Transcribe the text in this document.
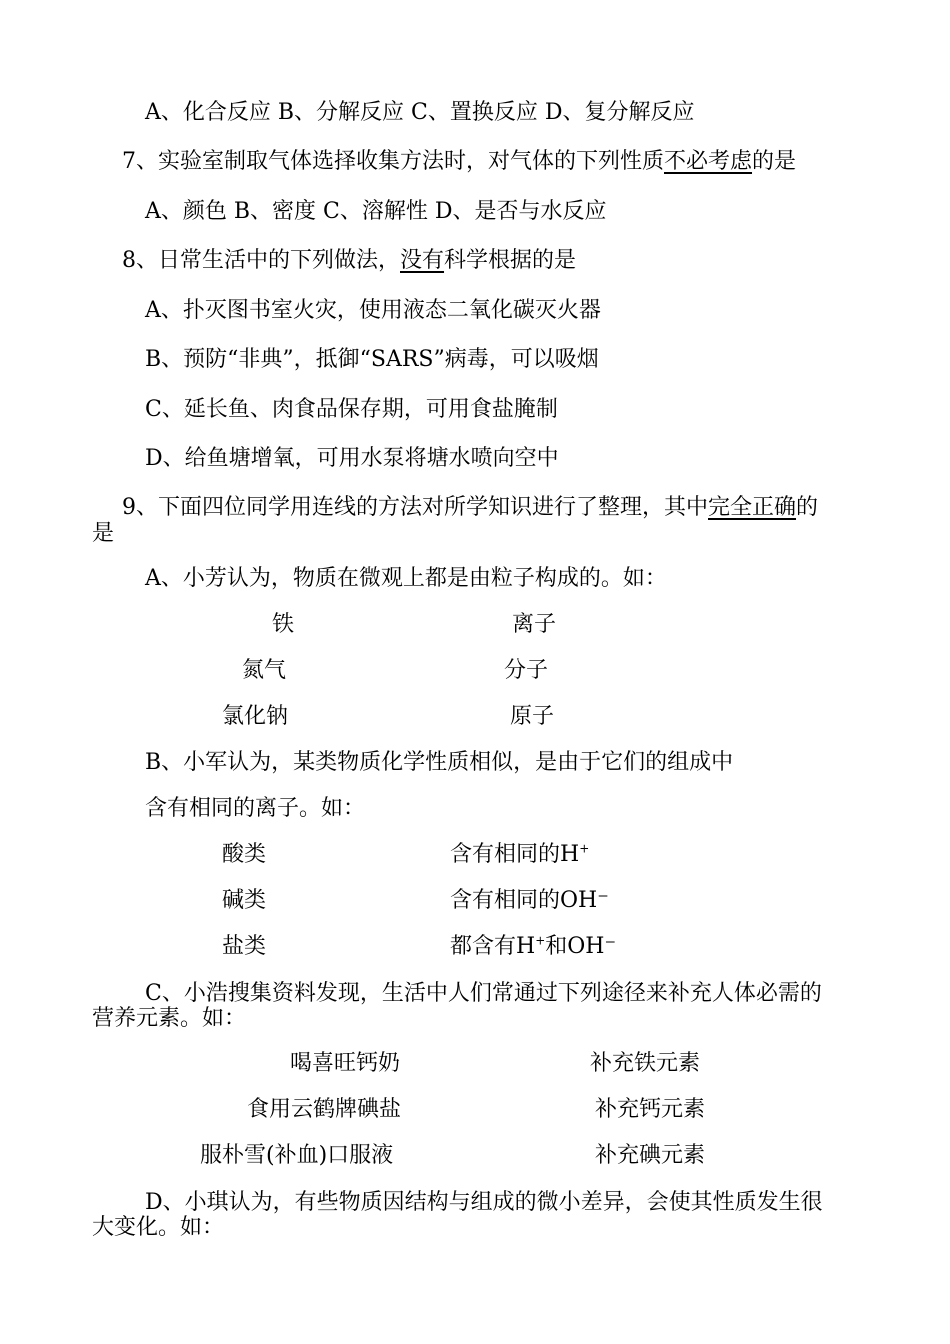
A、化合反应 B、分解反应 C、置换反应 D、复分解反应
7、实验室制取气体选择收集方法时，对气体的下列性质不必考虑的是
A、颜色 B、密度 C、溶解性 D、是否与水反应
8、日常生活中的下列做法，没有科学根据的是
A、扑灭图书室火灾，使用液态二氧化碳灭火器
B、预防“非典”，抵御“SARS”病毒，可以吸烟
C、延长鱼、肉食品保存期，可用食盐腌制
D、给鱼塘增氧，可用水泵将塘水喷向空中
9、下面四位同学用连线的方法对所学知识进行了整理，其中完全正确的
是
A、小芳认为，物质在微观上都是由粒子构成的。如：
铁	离子
氮气	分子
氯化钠	原子
B、小军认为，某类物质化学性质相似，是由于它们的组成中
含有相同的离子。如：
酸类	含有相同的H+
碱类	含有相同的OH⁻
盐类	都含有H+和OH⁻
C、小浩搜集资料发现，生活中人们常通过下列途径来补充人体必需的
营养元素。如：
喝喜旺钙奶	补充铁元素
食用云鹤牌碘盐	补充钙元素
服朴雪(补血)口服液	补充碘元素
D、小琪认为，有些物质因结构与组成的微小差异，会使其性质发生很
大变化。如：
